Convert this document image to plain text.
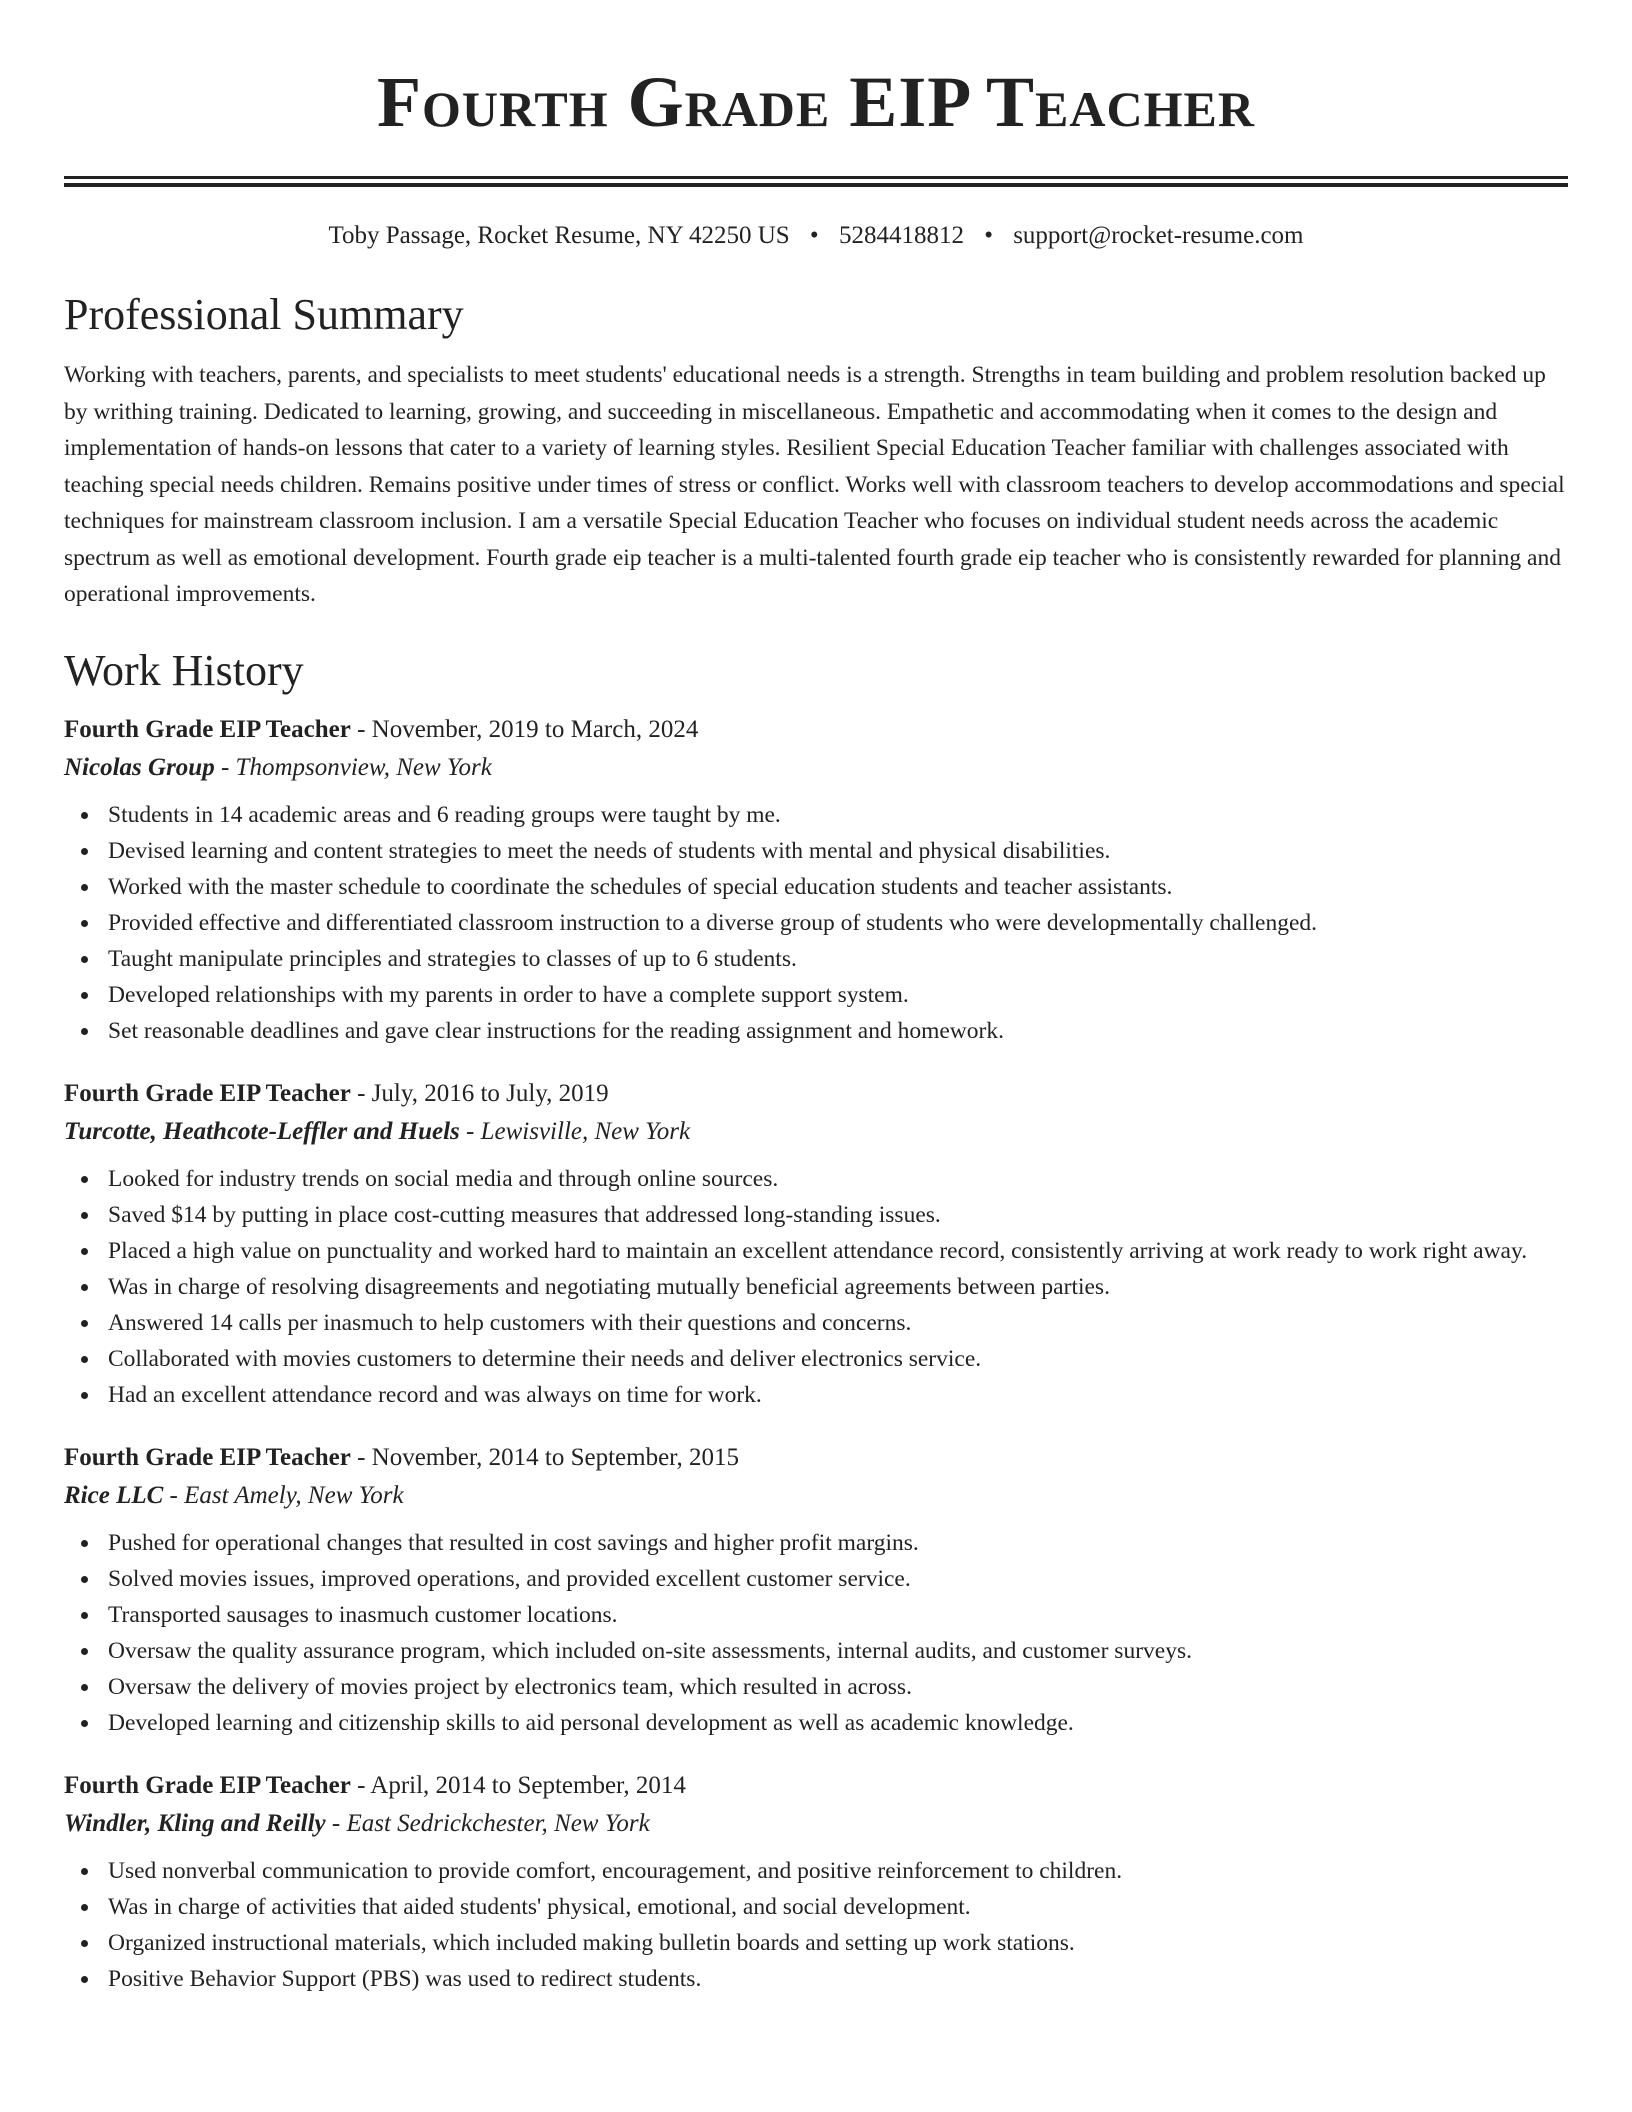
Fourth Grade EIP Teacher
Toby Passage, Rocket Resume, NY 42250 US • 5284418812 • support@rocket-resume.com
Professional Summary

Working with teachers, parents, and specialists to meet students' educational needs is a strength. Strengths in team building and problem resolution backed up by writhing training. Dedicated to learning, growing, and succeeding in miscellaneous. Empathetic and accommodating when it comes to the design and implementation of hands-on lessons that cater to a variety of learning styles. Resilient Special Education Teacher familiar with challenges associated with teaching special needs children. Remains positive under times of stress or conflict. Works well with classroom teachers to develop accommodations and special techniques for mainstream classroom inclusion. I am a versatile Special Education Teacher who focuses on individual student needs across the academic spectrum as well as emotional development. Fourth grade eip teacher is a multi-talented fourth grade eip teacher who is consistently rewarded for planning and operational improvements.

Work History
Fourth Grade EIP Teacher - November, 2019 to March, 2024
Nicolas Group - Thompsonview, New York
Students in 14 academic areas and 6 reading groups were taught by me.
Devised learning and content strategies to meet the needs of students with mental and physical disabilities.
Worked with the master schedule to coordinate the schedules of special education students and teacher assistants.
Provided effective and differentiated classroom instruction to a diverse group of students who were developmentally challenged.
Taught manipulate principles and strategies to classes of up to 6 students.
Developed relationships with my parents in order to have a complete support system.
Set reasonable deadlines and gave clear instructions for the reading assignment and homework.
Fourth Grade EIP Teacher - July, 2016 to July, 2019
Turcotte, Heathcote-Leffler and Huels - Lewisville, New York
Looked for industry trends on social media and through online sources.
Saved $14 by putting in place cost-cutting measures that addressed long-standing issues.
Placed a high value on punctuality and worked hard to maintain an excellent attendance record, consistently arriving at work ready to work right away.
Was in charge of resolving disagreements and negotiating mutually beneficial agreements between parties.
Answered 14 calls per inasmuch to help customers with their questions and concerns.
Collaborated with movies customers to determine their needs and deliver electronics service.
Had an excellent attendance record and was always on time for work.
Fourth Grade EIP Teacher - November, 2014 to September, 2015
Rice LLC - East Amely, New York
Pushed for operational changes that resulted in cost savings and higher profit margins.
Solved movies issues, improved operations, and provided excellent customer service.
Transported sausages to inasmuch customer locations.
Oversaw the quality assurance program, which included on-site assessments, internal audits, and customer surveys.
Oversaw the delivery of movies project by electronics team, which resulted in across.
Developed learning and citizenship skills to aid personal development as well as academic knowledge.
Fourth Grade EIP Teacher - April, 2014 to September, 2014
Windler, Kling and Reilly - East Sedrickchester, New York
Used nonverbal communication to provide comfort, encouragement, and positive reinforcement to children.
Was in charge of activities that aided students' physical, emotional, and social development.
Organized instructional materials, which included making bulletin boards and setting up work stations.
Positive Behavior Support (PBS) was used to redirect students.
